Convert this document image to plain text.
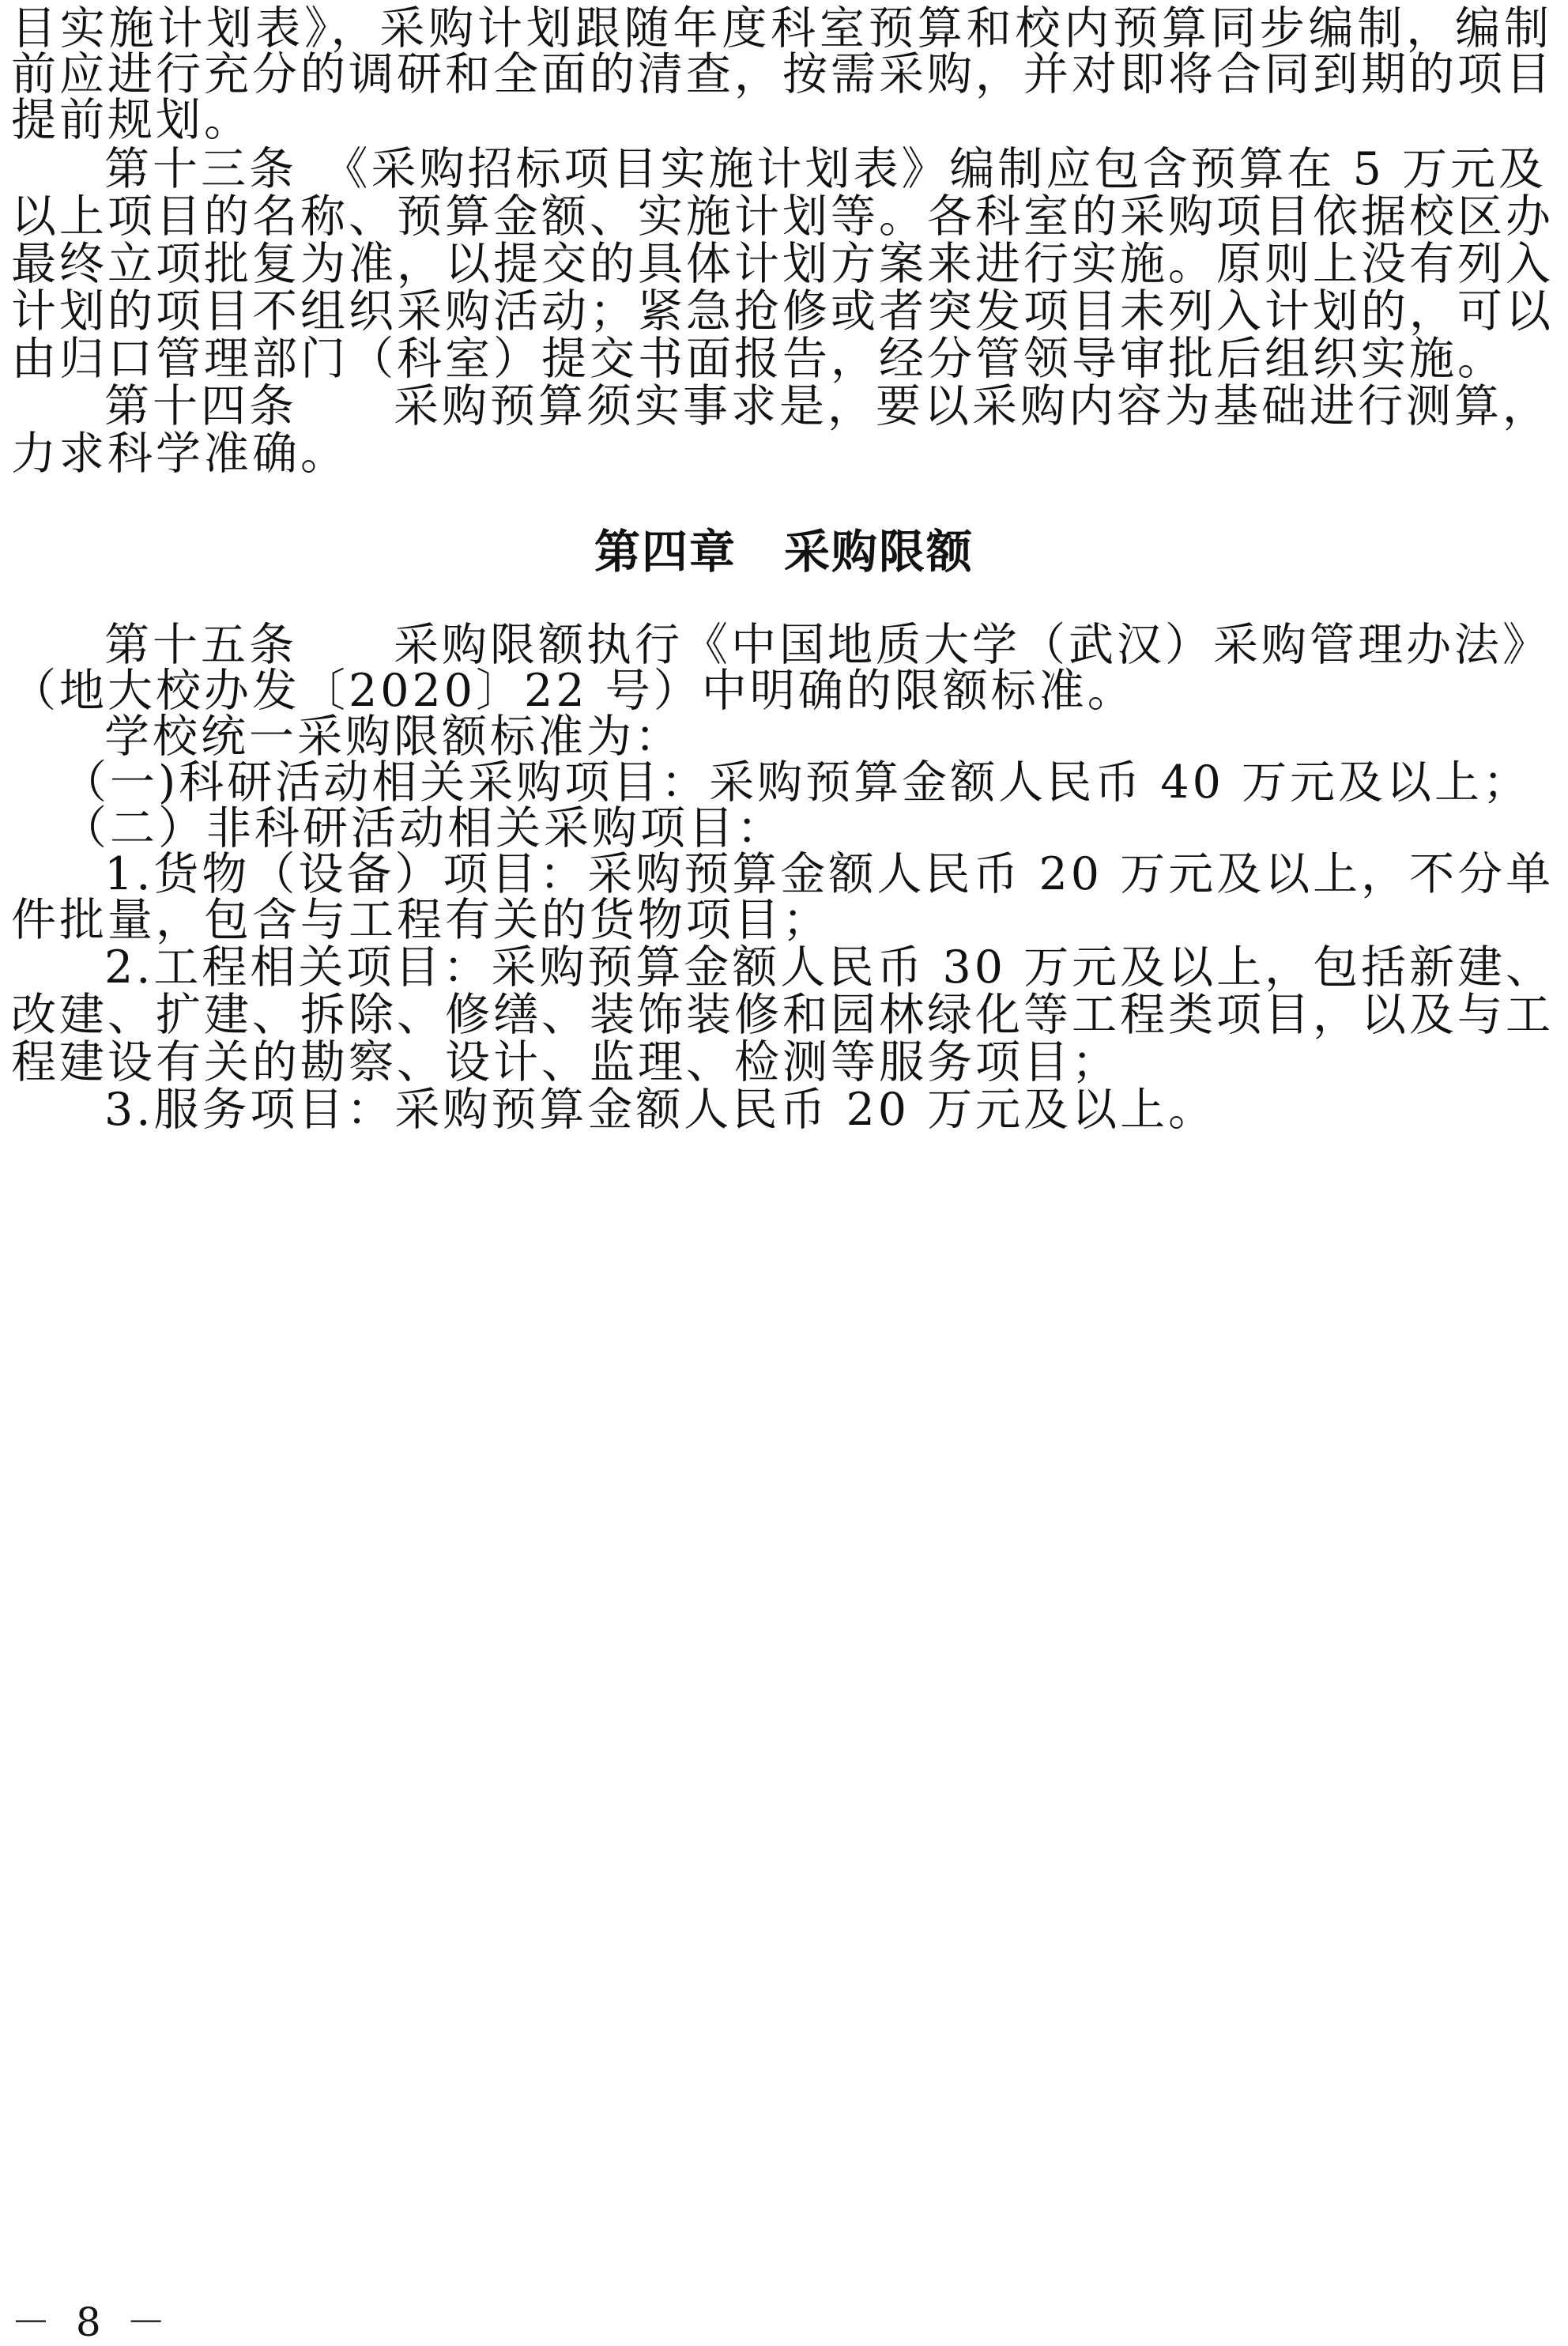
目实施计划表》，采购计划跟随年度科室预算和校内预算同步编制，编制
前应进行充分的调研和全面的清查，按需采购，并对即将合同到期的项目
提前规划。
第十三条　《采购招标项目实施计划表》编制应包含预算在 5 万元及
以上项目的名称、预算金额、实施计划等。各科室的采购项目依据校区办
最终立项批复为准，以提交的具体计划方案来进行实施。原则上没有列入
计划的项目不组织采购活动；紧急抢修或者突发项目未列入计划的，可以
由归口管理部门（科室）提交书面报告，经分管领导审批后组织实施。
第十四条　　采购预算须实事求是，要以采购内容为基础进行测算，
力求科学准确。
第四章　采购限额
第十五条　　采购限额执行《中国地质大学（武汉）采购管理办法》
（地大校办发〔2020〕22 号）中明确的限额标准。
学校统一采购限额标准为：
（一)科研活动相关采购项目：采购预算金额人民币 40 万元及以上；
（二）非科研活动相关采购项目：
1.货物（设备）项目：采购预算金额人民币 20 万元及以上，不分单
件批量，包含与工程有关的货物项目；
2.工程相关项目：采购预算金额人民币 30 万元及以上，包括新建、
改建、扩建、拆除、修缮、装饰装修和园林绿化等工程类项目，以及与工
程建设有关的勘察、设计、监理、检测等服务项目；
3.服务项目：采购预算金额人民币 20 万元及以上。
－ 8 －
